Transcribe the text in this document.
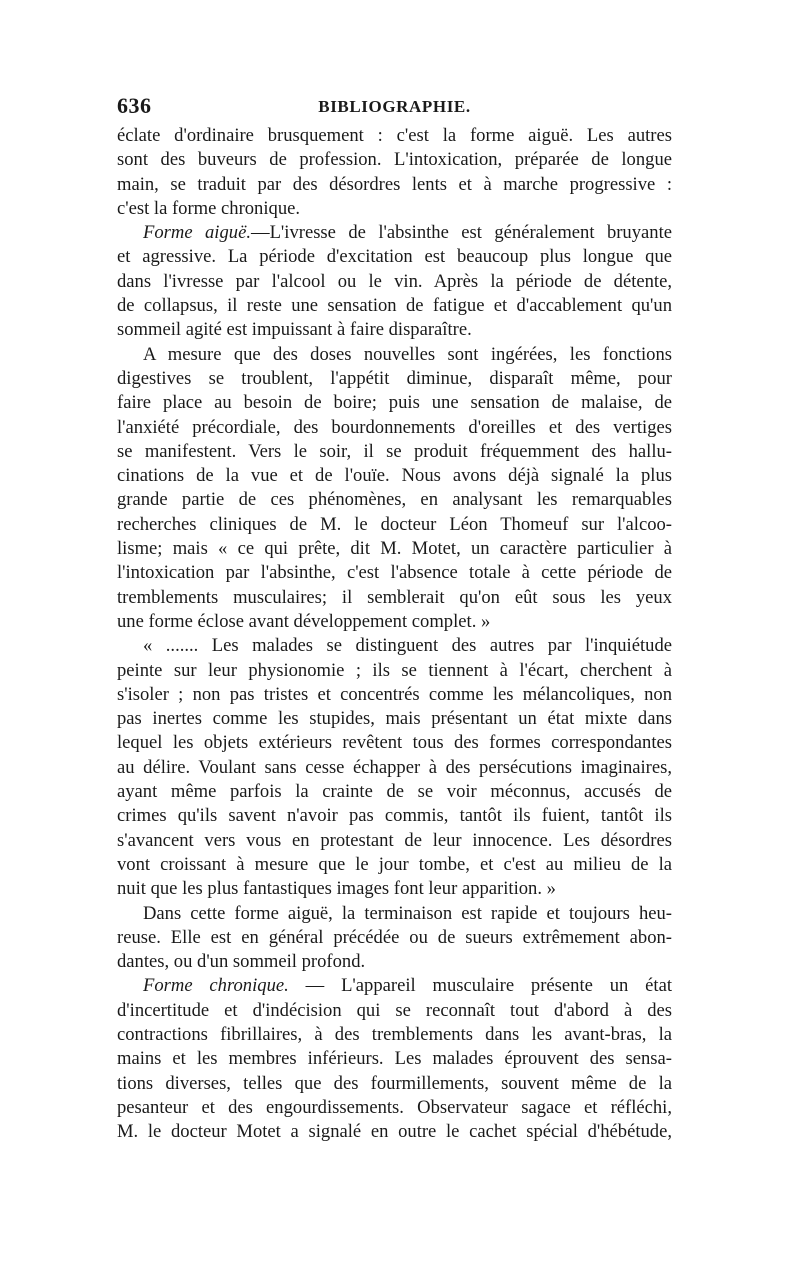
636	BIBLIOGRAPHIE.
éclate d'ordinaire brusquement : c'est la forme aiguë. Les autres
sont des buveurs de profession. L'intoxication, préparée de longue
main, se traduit par des désordres lents et à marche progressive :
c'est la forme chronique.
Forme aiguë.—L'ivresse de l'absinthe est généralement bruyante
et agressive. La période d'excitation est beaucoup plus longue que
dans l'ivresse par l'alcool ou le vin. Après la période de détente,
de collapsus, il reste une sensation de fatigue et d'accablement qu'un
sommeil agité est impuissant à faire disparaître.
A mesure que des doses nouvelles sont ingérées, les fonctions
digestives se troublent, l'appétit diminue, disparaît même, pour
faire place au besoin de boire; puis une sensation de malaise, de
l'anxiété précordiale, des bourdonnements d'oreilles et des vertiges
se manifestent. Vers le soir, il se produit fréquemment des hallu-
cinations de la vue et de l'ouïe. Nous avons déjà signalé la plus
grande partie de ces phénomènes, en analysant les remarquables
recherches cliniques de M. le docteur Léon Thomeuf sur l'alcoo-
lisme; mais « ce qui prête, dit M. Motet, un caractère particulier à
l'intoxication par l'absinthe, c'est l'absence totale à cette période de
tremblements musculaires; il semblerait qu'on eût sous les yeux
une forme éclose avant développement complet. »
« ....... Les malades se distinguent des autres par l'inquiétude
peinte sur leur physionomie ; ils se tiennent à l'écart, cherchent à
s'isoler ; non pas tristes et concentrés comme les mélancoliques, non
pas inertes comme les stupides, mais présentant un état mixte dans
lequel les objets extérieurs revêtent tous des formes correspondantes
au délire. Voulant sans cesse échapper à des persécutions imaginaires,
ayant même parfois la crainte de se voir méconnus, accusés de
crimes qu'ils savent n'avoir pas commis, tantôt ils fuient, tantôt ils
s'avancent vers vous en protestant de leur innocence. Les désordres
vont croissant à mesure que le jour tombe, et c'est au milieu de la
nuit que les plus fantastiques images font leur apparition. »
Dans cette forme aiguë, la terminaison est rapide et toujours heu-
reuse. Elle est en général précédée ou de sueurs extrêmement abon-
dantes, ou d'un sommeil profond.
Forme chronique. — L'appareil musculaire présente un état
d'incertitude et d'indécision qui se reconnaît tout d'abord à des
contractions fibrillaires, à des tremblements dans les avant-bras, la
mains et les membres inférieurs. Les malades éprouvent des sensa-
tions diverses, telles que des fourmillements, souvent même de la
pesanteur et des engourdissements. Observateur sagace et réfléchi,
M. le docteur Motet a signalé en outre le cachet spécial d'hébétude,
